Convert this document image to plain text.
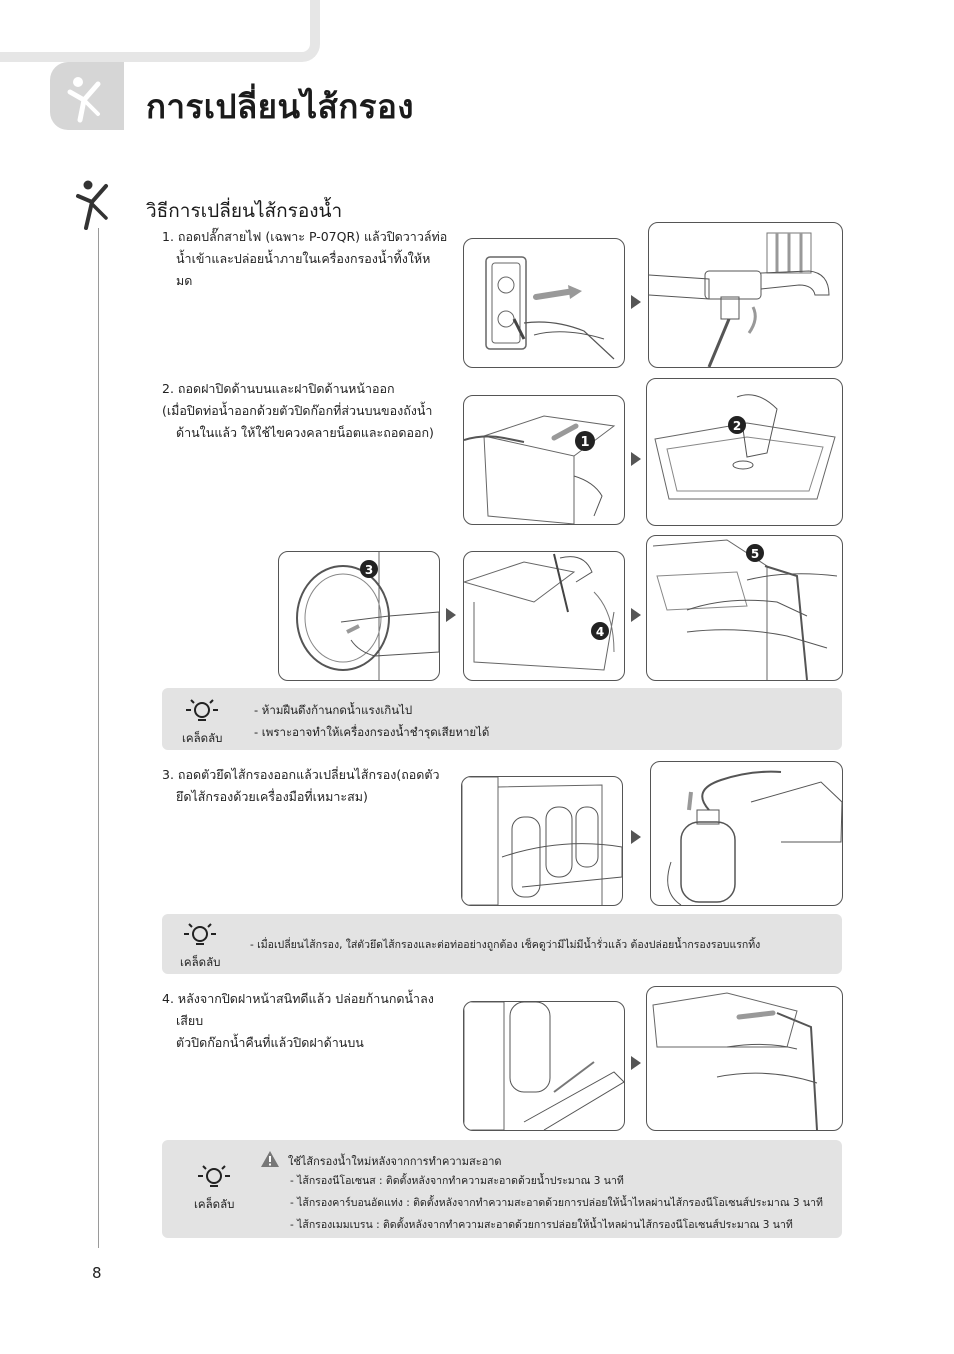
การเปลี่ยนไส้กรอง
วิธีการเปลี่ยนไส้กรองน้ำ
1. ถอดปลั๊กสายไฟ (เฉพาะ P-07QR) แล้วปิดวาวล์ท่อ
น้ำเข้าและปล่อยน้ำภายในเครื่องกรองน้ำทิ้งให้ห
มด
2. ถอดฝาปิดด้านบนและฝาปิดด้านหน้าออก
(เมื่อปิดท่อน้ำออกด้วยตัวปิดก๊อกที่ส่วนบนของถังน้ำ
ด้านในแล้ว ให้ใช้ไขควงคลายน็อตและถอดออก)
1
2
3
4
5
เคล็ดลับ
- ห้ามฝืนดึงก้านกดน้ำแรงเกินไป
- เพราะอาจทำให้เครื่องกรองน้ำชำรุดเสียหายได้
3. ถอดตัวยึดไส้กรองออกแล้วเปลี่ยนไส้กรอง(ถอดตัว
ยึดไส้กรองด้วยเครื่องมือที่เหมาะสม)
เคล็ดลับ
- เมื่อเปลี่ยนไส้กรอง, ใส่ตัวยึดไส้กรองและต่อท่ออย่างถูกต้อง เช็คดูว่ามีไม่มีน้ำรั่วแล้ว ต้องปล่อยน้ำกรองรอบแรกทิ้ง
4. หลังจากปิดฝาหน้าสนิทดีแล้ว ปล่อยก้านกดน้ำลง เสียบ
ตัวปิดก๊อกน้ำคืนที่แล้วปิดฝาด้านบน
เคล็ดลับ
ใช้ไส้กรองน้ำใหม่หลังจากการทำความสะอาด
- ไส้กรองนีโอเซนส : ติดตั้งหลังจากทำความสะอาดด้วยน้ำประมาณ 3 นาที
- ไส้กรองคาร์บอนอัดแท่ง : ติดตั้งหลังจากทำความสะอาดด้วยการปล่อยให้น้ำไหลผ่านไส้กรองนีโอเซนส์ประมาณ 3 นาที
- ไส้กรองเมมเบรน : ติดตั้งหลังจากทำความสะอาดด้วยการปล่อยให้น้ำไหลผ่านไส้กรองนีโอเซนส์ประมาณ 3 นาที
8
